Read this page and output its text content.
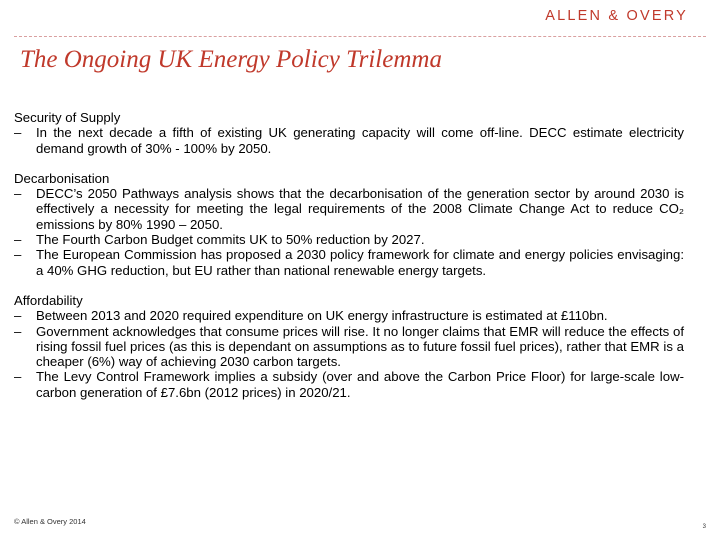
ALLEN & OVERY
The Ongoing UK Energy Policy Trilemma
Security of Supply
– In the next decade a fifth of existing UK generating capacity will come off-line. DECC estimate electricity demand growth of 30% - 100% by 2050.
Decarbonisation
– DECC’s 2050 Pathways analysis shows that the decarbonisation of the generation sector by around 2030 is effectively a necessity for meeting the legal requirements of the 2008 Climate Change Act to reduce CO₂ emissions by 80% 1990 – 2050.
– The Fourth Carbon Budget commits UK to 50% reduction by 2027.
– The European Commission has proposed a 2030 policy framework for climate and energy policies envisaging: a 40% GHG reduction, but EU rather than national renewable energy targets.
Affordability
– Between 2013 and 2020 required expenditure on UK energy infrastructure is estimated at £110bn.
– Government acknowledges that consume prices will rise. It no longer claims that EMR will reduce the effects of rising fossil fuel prices (as this is dependant on assumptions as to future fossil fuel prices), rather that EMR is a cheaper (6%) way of achieving 2030 carbon targets.
– The Levy Control Framework implies a subsidy (over and above the Carbon Price Floor) for large-scale low-carbon generation of £7.6bn (2012 prices) in 2020/21.
© Allen & Overy 2014
3
